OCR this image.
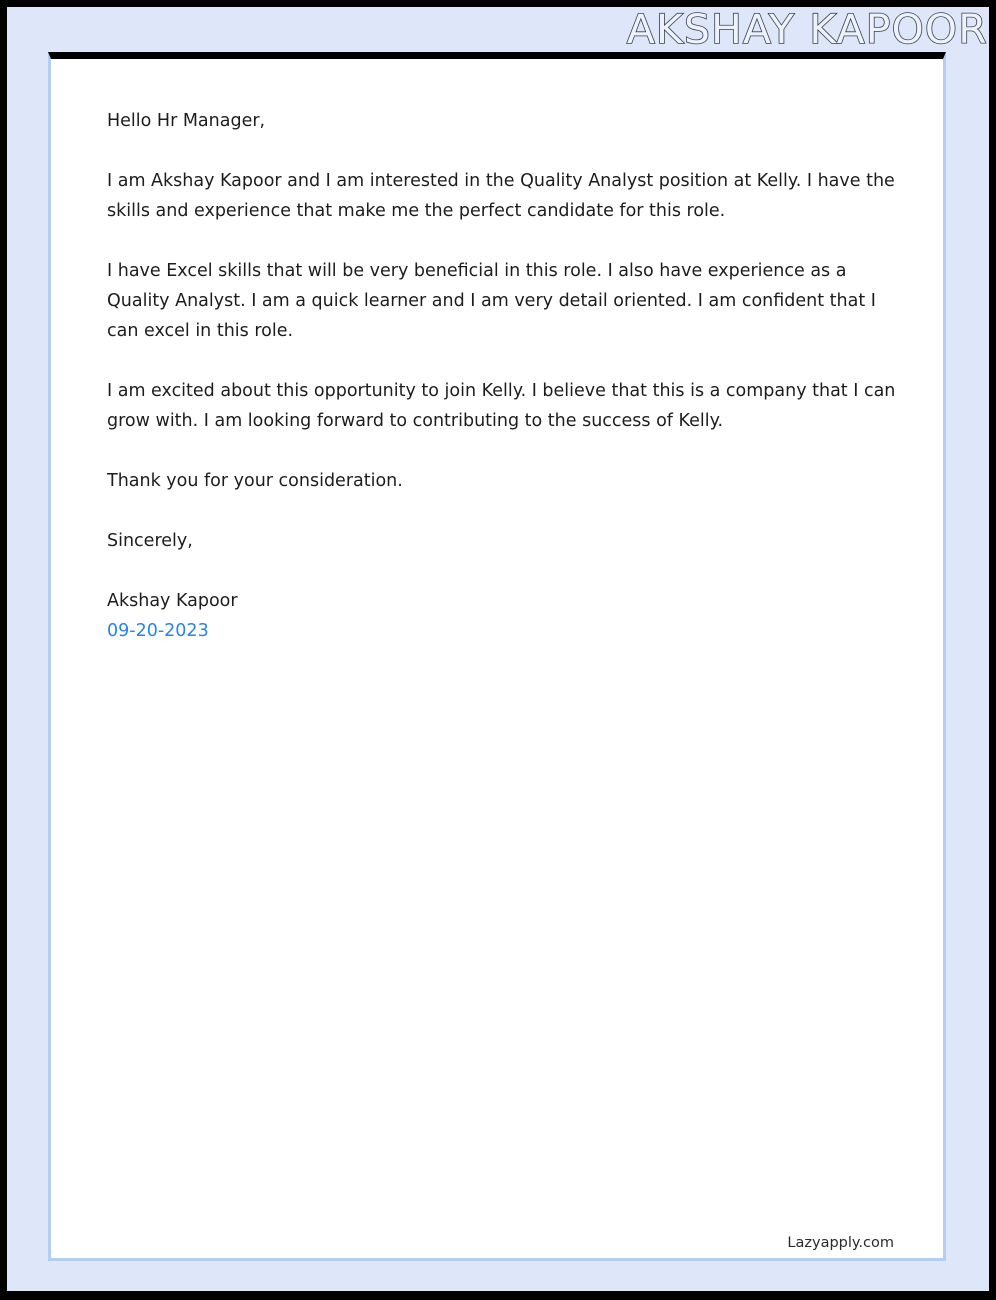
AKSHAY KAPOOR

Hello Hr Manager,

I am Akshay Kapoor and I am interested in the Quality Analyst position at Kelly. I have the skills and experience that make me the perfect candidate for this role.

I have Excel skills that will be very beneficial in this role. I also have experience as a Quality Analyst. I am a quick learner and I am very detail oriented. I am confident that I can excel in this role.

I am excited about this opportunity to join Kelly. I believe that this is a company that I can grow with. I am looking forward to contributing to the success of Kelly.

Thank you for your consideration.

Sincerely,

Akshay Kapoor

09-20-2023

Lazyapply.com
